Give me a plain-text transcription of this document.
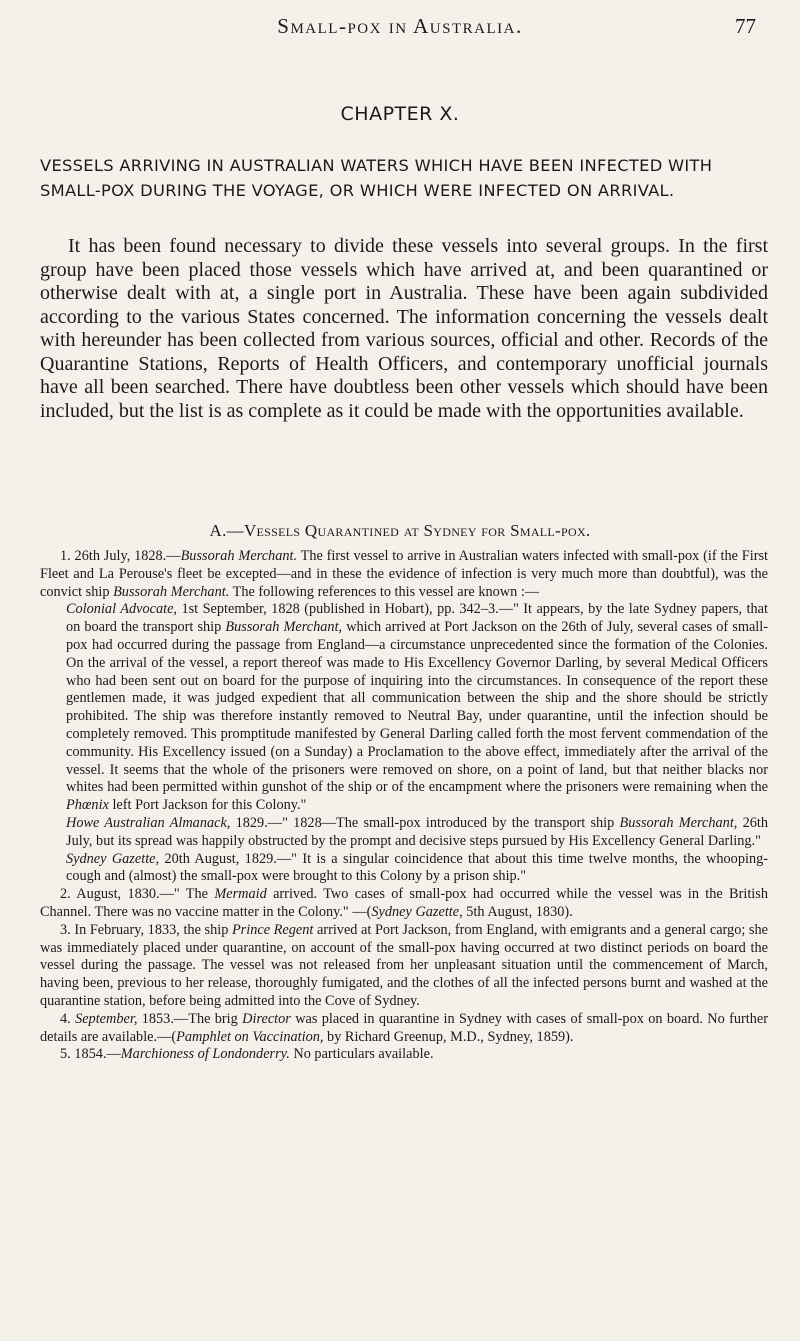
Small-pox in Australia.	77
CHAPTER X.
VESSELS ARRIVING IN AUSTRALIAN WATERS WHICH HAVE BEEN INFECTED WITH SMALL-POX DURING THE VOYAGE, OR WHICH WERE INFECTED ON ARRIVAL.
It has been found necessary to divide these vessels into several groups. In the first group have been placed those vessels which have arrived at, and been quarantined or otherwise dealt with at, a single port in Australia. These have been again subdivided according to the various States concerned. The information concerning the vessels dealt with hereunder has been collected from various sources, official and other. Records of the Quarantine Stations, Reports of Health Officers, and contemporary unofficial journals have all been searched. There have doubtless been other vessels which should have been included, but the list is as complete as it could be made with the opportunities available.
A.—Vessels Quarantined at Sydney for Small-pox.

1. 26th July, 1828.—Bussorah Merchant. The first vessel to arrive in Australian waters infected with small-pox (if the First Fleet and La Perouse's fleet be excepted—and in these the evidence of infection is very much more than doubtful), was the convict ship Bussorah Merchant. The following references to this vessel are known :—

Colonial Advocate, 1st September, 1828 (published in Hobart), pp. 342–3.—" It appears, by the late Sydney papers, that on board the transport ship Bussorah Merchant, which arrived at Port Jackson on the 26th of July, several cases of small-pox had occurred during the passage from England—a circumstance unprecedented since the formation of the Colonies. On the arrival of the vessel, a report thereof was made to His Excellency Governor Darling, by several Medical Officers who had been sent out on board for the purpose of inquiring into the circumstances. In consequence of the report these gentlemen made, it was judged expedient that all communication between the ship and the shore should be strictly prohibited. The ship was therefore instantly removed to Neutral Bay, under quarantine, until the infection should be completely removed. This promptitude manifested by General Darling called forth the most fervent commendation of the community. His Excellency issued (on a Sunday) a Proclamation to the above effect, immediately after the arrival of the vessel. It seems that the whole of the prisoners were removed on shore, on a point of land, but that neither blacks nor whites had been permitted within gunshot of the ship or of the encampment where the prisoners were remaining when the Phœnix left Port Jackson for this Colony."

Howe Australian Almanack, 1829.—" 1828—The small-pox introduced by the transport ship Bussorah Merchant, 26th July, but its spread was happily obstructed by the prompt and decisive steps pursued by His Excellency General Darling."

Sydney Gazette, 20th August, 1829.—" It is a singular coincidence that about this time twelve months, the whooping-cough and (almost) the small-pox were brought to this Colony by a prison ship."

2. August, 1830.—" The Mermaid arrived. Two cases of small-pox had occurred while the vessel was in the British Channel. There was no vaccine matter in the Colony." —(Sydney Gazette, 5th August, 1830).

3. In February, 1833, the ship Prince Regent arrived at Port Jackson, from England, with emigrants and a general cargo; she was immediately placed under quarantine, on account of the small-pox having occurred at two distinct periods on board the vessel during the passage. The vessel was not released from her unpleasant situation until the commencement of March, having been, previous to her release, thoroughly fumigated, and the clothes of all the infected persons burnt and washed at the quarantine station, before being admitted into the Cove of Sydney.

4. September, 1853.—The brig Director was placed in quarantine in Sydney with cases of small-pox on board. No further details are available.—(Pamphlet on Vaccination, by Richard Greenup, M.D., Sydney, 1859).

5. 1854.—Marchioness of Londonderry. No particulars available.
